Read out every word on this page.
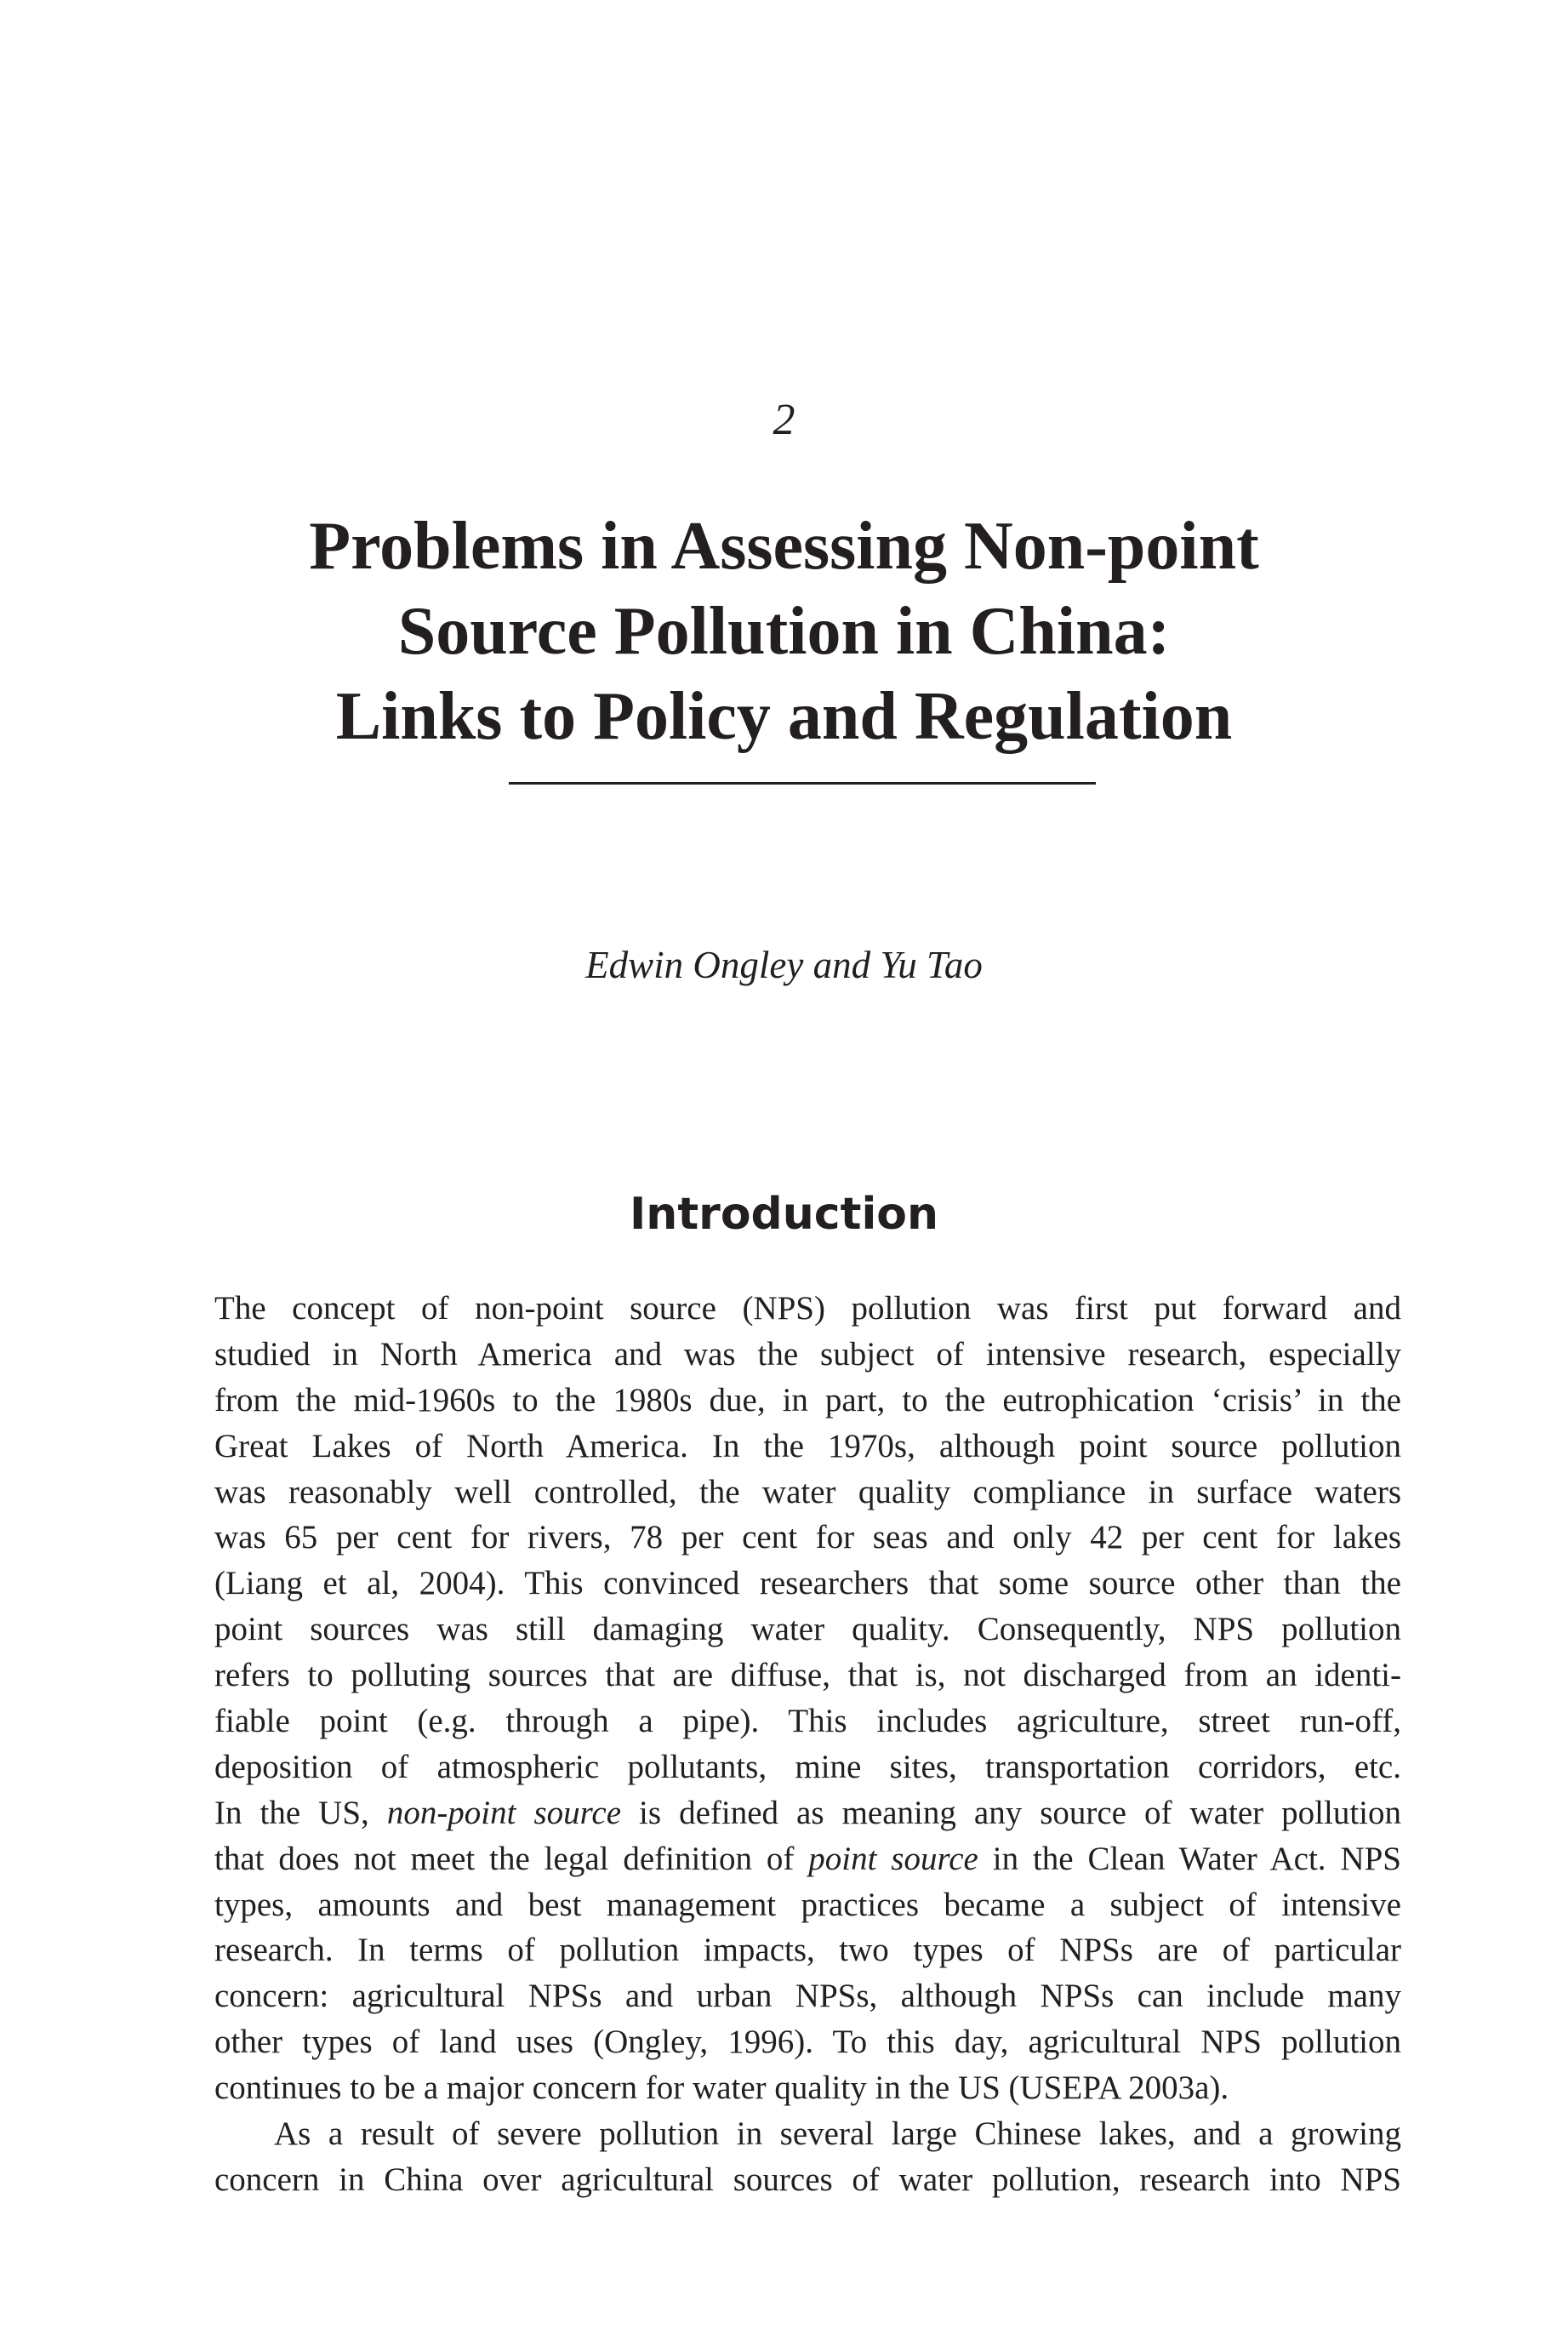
2
Problems in Assessing Non-point
Source Pollution in China:
Links to Policy and Regulation
Edwin Ongley and Yu Tao
Introduction
The concept of non-point source (NPS) pollution was first put forward and
studied in North America and was the subject of intensive research, especially
from the mid-1960s to the 1980s due, in part, to the eutrophication ‘crisis’ in the
Great Lakes of North America. In the 1970s, although point source pollution
was reasonably well controlled, the water quality compliance in surface waters
was 65 per cent for rivers, 78 per cent for seas and only 42 per cent for lakes
(Liang et al, 2004). This convinced researchers that some source other than the
point sources was still damaging water quality. Consequently, NPS pollution
refers to polluting sources that are diffuse, that is, not discharged from an identi-
fiable point (e.g. through a pipe). This includes agriculture, street run-off,
deposition of atmospheric pollutants, mine sites, transportation corridors, etc.
In the US, non-point source is defined as meaning any source of water pollution
that does not meet the legal definition of point source in the Clean Water Act. NPS
types, amounts and best management practices became a subject of intensive
research. In terms of pollution impacts, two types of NPSs are of particular
concern: agricultural NPSs and urban NPSs, although NPSs can include many
other types of land uses (Ongley, 1996). To this day, agricultural NPS pollution
continues to be a major concern for water quality in the US (USEPA 2003a).
As a result of severe pollution in several large Chinese lakes, and a growing
concern in China over agricultural sources of water pollution, research into NPS
